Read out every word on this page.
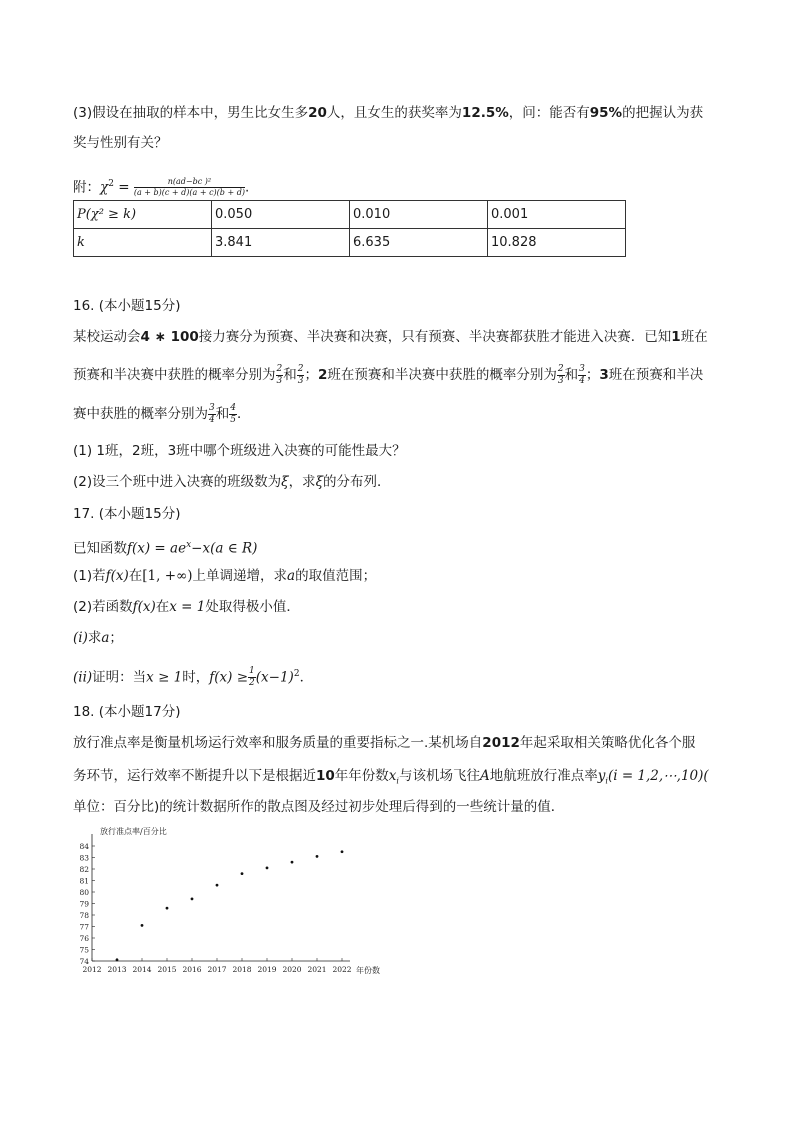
(3)假设在抽取的样本中，男生比女生多20人，且女生的获奖率为12.5%，问：能否有95%的把握认为获
奖与性别有关？
附：$\chi^2 = \frac{\text{n(ad−bc )²}}{(a + b)(c + d)(a + c)(b + d)}$ .
P(χ² ≥ k)	0.050	0.010	0.001
k	3.841	6.635	10.828
16. (本小题15分)
某校运动会4 ∗ 100接力赛分为预赛、半决赛和决赛，只有预赛、半决赛都获胜才能进入决赛．已知1班在
预赛和半决赛中获胜的概率分别为 $\frac{2}{3}$ 和 $\frac{2}{3}$ ；2班在预赛和半决赛中获胜的概率分别为 $\frac{2}{3}$ 和 $\frac{3}{4}$ ；3班在预赛和半决
赛中获胜的概率分别为 $\frac{3}{4}$ 和 $\frac{4}{5}$ ．
(1) 1班，2班，3班中哪个班级进入决赛的可能性最大？
(2)设三个班中进入决赛的班级数为ξ，求ξ的分布列．
17. (本小题15分)
已知函数$f(x) = ae^x-x(a$ ∈ R)
(1)若f(x)在[1, +∞)上单调递增，求a的取值范围；
(2)若函数f(x)在x = 1处取得极小值．
(i)求a；
(ii)证明：当x ≥ 1时，$f(x) \ge \frac{1}{2} (x-1)^2$．
18. (本小题17分)
放行准点率是衡量机场运行效率和服务质量的重要指标之一.某机场自2012年起采取相关策略优化各个服
务环节，运行效率不断提升以下是根据近10年年份数$x_i$与该机场飞往A地航班放行准点率$y_i(i$ = 1,2,⋯,10)(
单位：百分比)的统计数据所作的散点图及经过初步处理后得到的一些统计量的值．
74
75
76
77
78
79
80
81
82
83
84
2012 2013 2014 2015 2016 2017 2018 2019 2020 2021 2022
放行准点率/百分比
年份数
